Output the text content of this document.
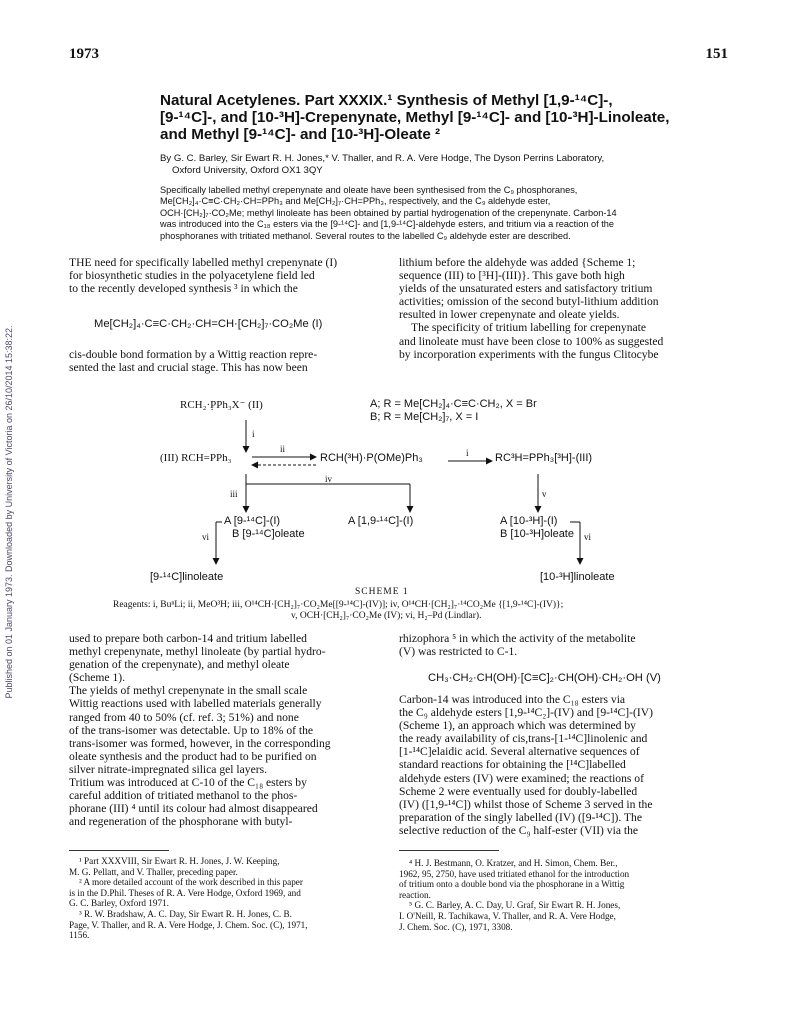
1973	151
Published on 01 January 1973. Downloaded by University of Victoria on 26/10/2014 15:38:22.
Natural Acetylenes. Part XXXIX.¹ Synthesis of Methyl [1,9-¹⁴C]-,
[9-¹⁴C]-, and [10-³H]-Crepenynate, Methyl [9-¹⁴C]- and [10-³H]-Linoleate,
and Methyl [9-¹⁴C]- and [10-³H]-Oleate ²
By G. C. Barley, Sir Ewart R. H. Jones,* V. Thaller, and R. A. Vere Hodge, The Dyson Perrins Laboratory,
Oxford University, Oxford OX1 3QY
Specifically labelled methyl crepenynate and oleate have been synthesised from the C₉ phosphoranes,
Me[CH₂]₄·C≡C·CH₂·CH=PPh₃ and Me[CH₂]₇·CH=PPh₃, respectively, and the C₉ aldehyde ester,
OCH·[CH₂]₇·CO₂Me; methyl linoleate has been obtained by partial hydrogenation of the crepenynate. Carbon-14
was introduced into the C₁₈ esters via the [9-¹⁴C]- and [1,9-¹⁴C]-aldehyde esters, and tritium via a reaction of the
phosphoranes with tritiated methanol. Several routes to the labelled C₉ aldehyde ester are described.
THE need for specifically labelled methyl crepenynate (I)
for biosynthetic studies in the polyacetylene field led
to the recently developed synthesis ³ in which the
Me[CH₂]₄·C≡C·CH₂·CH=CH·[CH₂]₇·CO₂Me (I)
cis-double bond formation by a Wittig reaction repre-
sented the last and crucial stage. This has now been
lithium before the aldehyde was added {Scheme 1;
sequence (III) to [³H]-(III)}. This gave both high
yields of the unsaturated esters and satisfactory tritium
activities; omission of the second butyl-lithium addition
resulted in lower crepenynate and oleate yields.
The specificity of tritium labelling for crepenynate
and linoleate must have been close to 100% as suggested
by incorporation experiments with the fungus Clitocybe
RCH₂·P̣Ph₃X⁻ (II)	A; R = Me[CH₂]₄·C≡C·CH₂, X = Br
B; R = Me[CH₂]₇, X = I
i
(III) RCH=PPh₃
ii
RCH(³H)·P(OMe)Ph₃	i RC³H=PPh₃[³H]-(III)
iv
iii	v
A [9-¹⁴C]-(I)
B [9-¹⁴C]oleate
A [1,9-¹⁴C]-(I)	A [10-³H]-(I)
B [10-³H]oleate
vi	vi
[9-¹⁴C]linoleate	[10-³H]linoleate
SCHEME 1
Reagents: i, BuⁿLi; ii, MeO³H; iii, O¹⁴CH·[CH₂]₇·CO₂Me[[9-¹⁴C]-(IV)]; iv, O¹⁴CH·[CH₂]₇·¹⁴CO₂Me {[1,9-¹⁴C]-(IV)};
v, OCH·[CH₂]₇·CO₂Me (IV); vi, H₂–Pd (Lindlar).
used to prepare both carbon-14 and tritium labelled
methyl crepenynate, methyl linoleate (by partial hydro-
genation of the crepenynate), and methyl oleate
(Scheme 1).
The yields of methyl crepenynate in the small scale
Wittig reactions used with labelled materials generally
ranged from 40 to 50% (cf. ref. 3; 51%) and none
of the trans-isomer was detectable. Up to 18% of the
trans-isomer was formed, however, in the corresponding
oleate synthesis and the product had to be purified on
silver nitrate-impregnated silica gel layers.
Tritium was introduced at C-10 of the C₁₈ esters by
careful addition of tritiated methanol to the phos-
phorane (III) ⁴ until its colour had almost disappeared
and regeneration of the phosphorane with butyl-
rhizophora ⁵ in which the activity of the metabolite
(V) was restricted to C-1.
CH₃·CH₂·CH(OH)·[C≡C]₂·CH(OH)·CH₂·OH (V)
Carbon-14 was introduced into the C₁₈ esters via
the C₉ aldehyde esters [1,9-¹⁴C₂]-(IV) and [9-¹⁴C]-(IV)
(Scheme 1), an approach which was determined by
the ready availability of cis,trans-[1-¹⁴C]linolenic and
[1-¹⁴C]elaidic acid. Several alternative sequences of
standard reactions for obtaining the [¹⁴C]labelled
aldehyde esters (IV) were examined; the reactions of
Scheme 2 were eventually used for doubly-labelled
(IV) ([1,9-¹⁴C]) whilst those of Scheme 3 served in the
preparation of the singly labelled (IV) ([9-¹⁴C]). The
selective reduction of the C₉ half-ester (VII) via the
¹ Part XXXVIII, Sir Ewart R. H. Jones, J. W. Keeping,
M. G. Pellatt, and V. Thaller, preceding paper.
² A more detailed account of the work described in this paper
is in the D.Phil. Theses of R. A. Vere Hodge, Oxford 1969, and
G. C. Barley, Oxford 1971.
³ R. W. Bradshaw, A. C. Day, Sir Ewart R. H. Jones, C. B.
Page, V. Thaller, and R. A. Vere Hodge, J. Chem. Soc. (C), 1971,
1156.
⁴ H. J. Bestmann, O. Kratzer, and H. Simon, Chem. Ber.,
1962, 95, 2750, have used tritiated ethanol for the introduction
of tritium onto a double bond via the phosphorane in a Wittig
reaction.
⁵ G. C. Barley, A. C. Day, U. Graf, Sir Ewart R. H. Jones,
I. O'Neill, R. Tachikawa, V. Thaller, and R. A. Vere Hodge,
J. Chem. Soc. (C), 1971, 3308.
